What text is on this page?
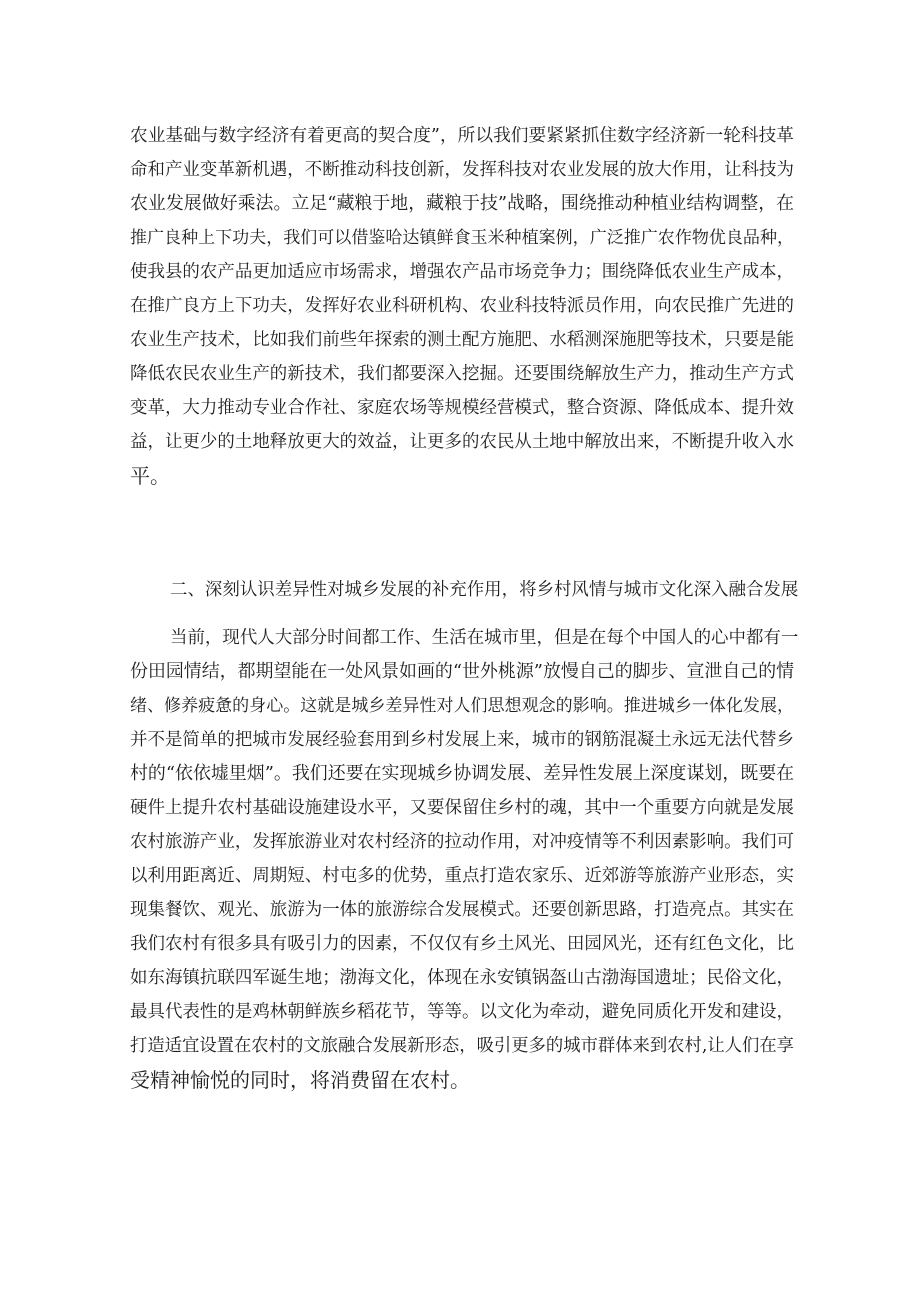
农业基础与数字经济有着更高的契合度”，所以我们要紧紧抓住数字经济新一轮科技革
命和产业变革新机遇，不断推动科技创新，发挥科技对农业发展的放大作用，让科技为
农业发展做好乘法。立足“藏粮于地，藏粮于技”战略，围绕推动种植业结构调整，在
推广良种上下功夫，我们可以借鉴哈达镇鲜食玉米种植案例，广泛推广农作物优良品种，
使我县的农产品更加适应市场需求，增强农产品市场竞争力；围绕降低农业生产成本，
在推广良方上下功夫，发挥好农业科研机构、农业科技特派员作用，向农民推广先进的
农业生产技术，比如我们前些年探索的测土配方施肥、水稻测深施肥等技术，只要是能
降低农民农业生产的新技术，我们都要深入挖掘。还要围绕解放生产力，推动生产方式
变革，大力推动专业合作社、家庭农场等规模经营模式，整合资源、降低成本、提升效
益，让更少的土地释放更大的效益，让更多的农民从土地中解放出来，不断提升收入水
平。
二、深刻认识差异性对城乡发展的补充作用，将乡村风情与城市文化深入融合发展
当前，现代人大部分时间都工作、生活在城市里，但是在每个中国人的心中都有一
份田园情结，都期望能在一处风景如画的“世外桃源”放慢自己的脚步、宣泄自己的情
绪、修养疲惫的身心。这就是城乡差异性对人们思想观念的影响。推进城乡一体化发展，
并不是简单的把城市发展经验套用到乡村发展上来，城市的钢筋混凝土永远无法代替乡
村的“依依墟里烟”。我们还要在实现城乡协调发展、差异性发展上深度谋划，既要在
硬件上提升农村基础设施建设水平，又要保留住乡村的魂，其中一个重要方向就是发展
农村旅游产业，发挥旅游业对农村经济的拉动作用，对冲疫情等不利因素影响。我们可
以利用距离近、周期短、村屯多的优势，重点打造农家乐、近郊游等旅游产业形态，实
现集餐饮、观光、旅游为一体的旅游综合发展模式。还要创新思路，打造亮点。其实在
我们农村有很多具有吸引力的因素，不仅仅有乡土风光、田园风光，还有红色文化，比
如东海镇抗联四军诞生地；渤海文化，体现在永安镇锅盔山古渤海国遗址；民俗文化，
最具代表性的是鸡林朝鲜族乡稻花节，等等。以文化为牵动，避免同质化开发和建设，
打造适宜设置在农村的文旅融合发展新形态，吸引更多的城市群体来到农村,让人们在享
受精神愉悦的同时，将消费留在农村。
